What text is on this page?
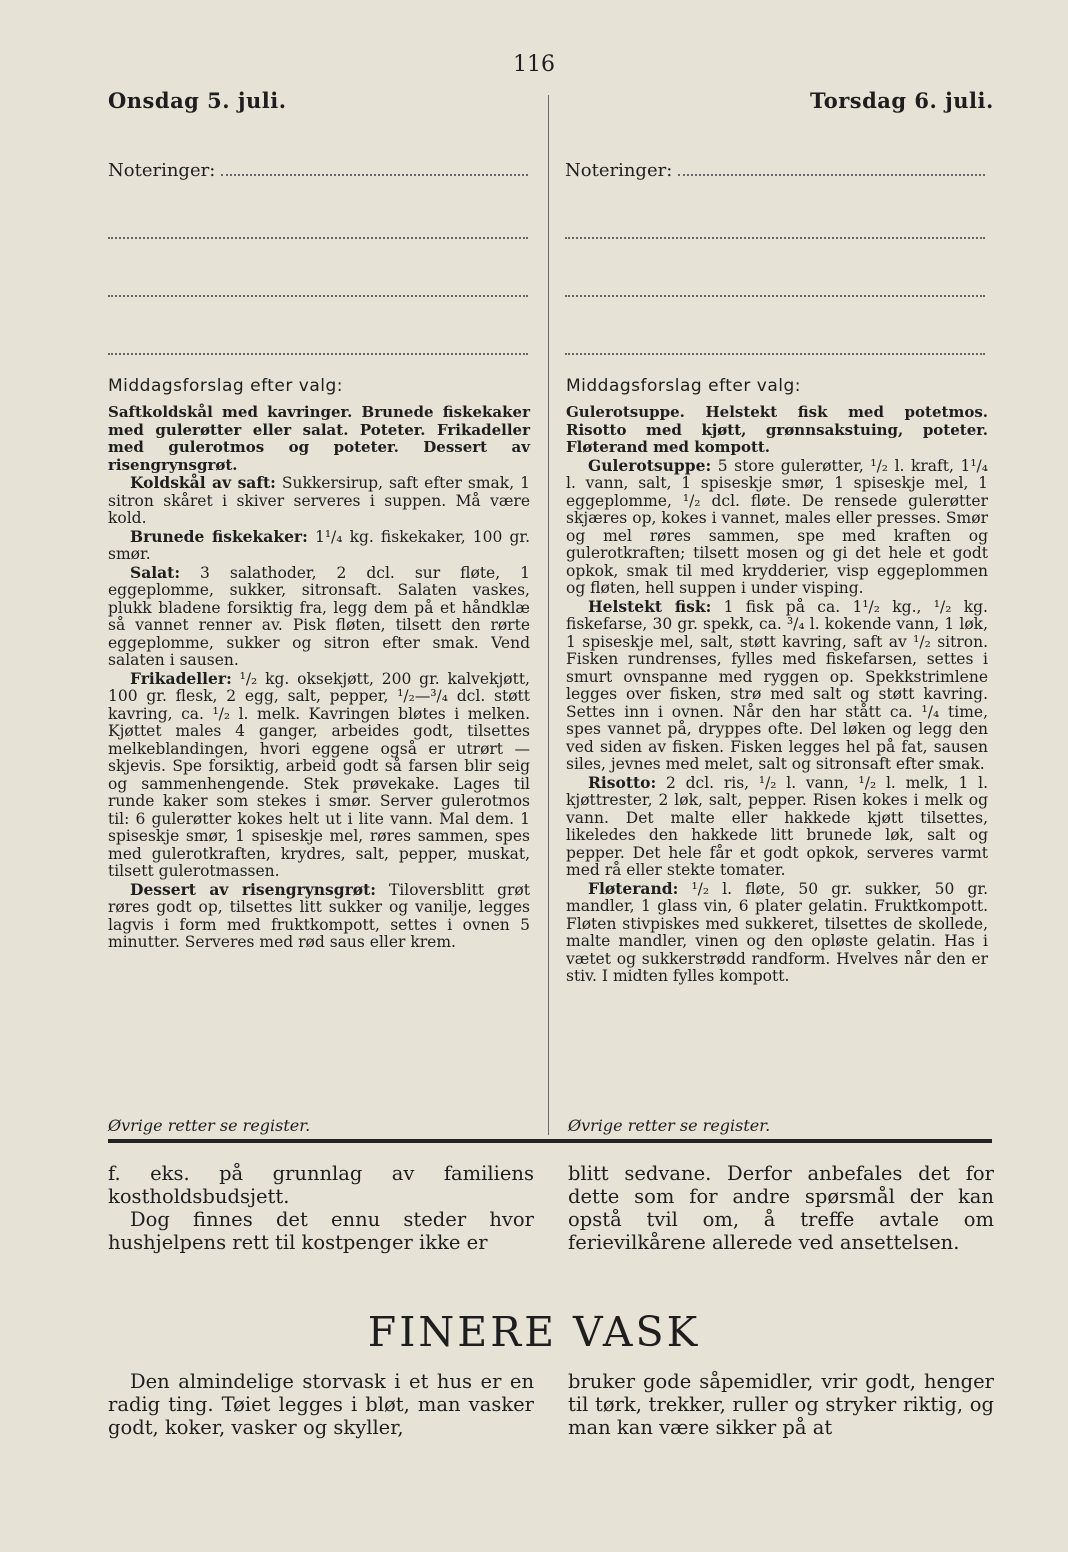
116
Onsdag 5. juli.	Torsdag 6. juli.
Noteringer:	Noteringer:
Middagsforslag efter valg:

Saftkoldskål med kavringer. Brunede fiskekaker med gulerøtter eller salat. Poteter. Frikadeller med gulerotmos og poteter. Dessert av risengrynsgrøt.

Koldskål av saft: Sukkersirup, saft efter smak, 1 sitron skåret i skiver serveres i suppen. Må være kold.

Brunede fiskekaker: 1¹/₄ kg. fiskekaker, 100 gr. smør.

Salat: 3 salathoder, 2 dcl. sur fløte, 1 eggeplomme, sukker, sitronsaft. Salaten vaskes, plukk bladene forsiktig fra, legg dem på et håndklæ så vannet renner av. Pisk fløten, tilsett den rørte eggeplomme, sukker og sitron efter smak. Vend salaten i sausen.

Frikadeller: ¹/₂ kg. oksekjøtt, 200 gr. kalvekjøtt, 100 gr. flesk, 2 egg, salt, pepper, ¹/₂—³/₄ dcl. støtt kavring, ca. ¹/₂ l. melk. Kavringen bløtes i melken. Kjøttet males 4 ganger, arbeides godt, tilsettes melkeblandingen, hvori eggene også er utrørt — skjevis. Spe forsiktig, arbeid godt så farsen blir seig og sammenhengende. Stek prøvekake. Lages til runde kaker som stekes i smør. Server gulerotmos til: 6 gulerøtter kokes helt ut i lite vann. Mal dem. 1 spiseskje smør, 1 spiseskje mel, røres sammen, spes med gulerotkraften, krydres, salt, pepper, muskat, tilsett gulerotmassen.

Dessert av risengrynsgrøt: Tiloversblitt grøt røres godt op, tilsettes litt sukker og vanilje, legges lagvis i form med fruktkompott, settes i ovnen 5 minutter. Serveres med rød saus eller krem.

Middagsforslag efter valg:

Gulerotsuppe. Helstekt fisk med potetmos. Risotto med kjøtt, grønnsakstuing, poteter. Fløterand med kompott.

Gulerotsuppe: 5 store gulerøtter, ¹/₂ l. kraft, 1¹/₄ l. vann, salt, 1 spiseskje smør, 1 spiseskje mel, 1 eggeplomme, ¹/₂ dcl. fløte. De rensede gulerøtter skjæres op, kokes i vannet, males eller presses. Smør og mel røres sammen, spe med kraften og gulerotkraften; tilsett mosen og gi det hele et godt opkok, smak til med krydderier, visp eggeplommen og fløten, hell suppen i under visping.

Helstekt fisk: 1 fisk på ca. 1¹/₂ kg., ¹/₂ kg. fiskefarse, 30 gr. spekk, ca. ³/₄ l. kokende vann, 1 løk, 1 spiseskje mel, salt, støtt kavring, saft av ¹/₂ sitron. Fisken rundrenses, fylles med fiskefarsen, settes i smurt ovnspanne med ryggen op. Spekkstrimlene legges over fisken, strø med salt og støtt kavring. Settes inn i ovnen. Når den har stått ca. ¹/₄ time, spes vannet på, dryppes ofte. Del løken og legg den ved siden av fisken. Fisken legges hel på fat, sausen siles, jevnes med melet, salt og sitronsaft efter smak.

Risotto: 2 dcl. ris, ¹/₂ l. vann, ¹/₂ l. melk, 1 l. kjøttrester, 2 løk, salt, pepper. Risen kokes i melk og vann. Det malte eller hakkede kjøtt tilsettes, likeledes den hakkede litt brunede løk, salt og pepper. Det hele får et godt opkok, serveres varmt med rå eller stekte tomater.

Fløterand: ¹/₂ l. fløte, 50 gr. sukker, 50 gr. mandler, 1 glass vin, 6 plater gelatin. Fruktkompott. Fløten stivpiskes med sukkeret, tilsettes de skollede, malte mandler, vinen og den opløste gelatin. Has i vætet og sukkerstrødd randform. Hvelves når den er stiv. I midten fylles kompott.

Øvrige retter se register.	Øvrige retter se register.

f. eks. på grunnlag av familiens kostholdsbudsjett.

Dog finnes det ennu steder hvor hushjelpens rett til kostpenger ikke er

blitt sedvane. Derfor anbefales det for dette som for andre spørsmål der kan opstå tvil om, å treffe avtale om ferievilkårene allerede ved ansettelsen.

FINERE VASK

Den almindelige storvask i et hus er en radig ting. Tøiet legges i bløt, man vasker godt, koker, vasker og skyller,

bruker gode såpemidler, vrir godt, henger til tørk, trekker, ruller og stryker riktig, og man kan være sikker på at
